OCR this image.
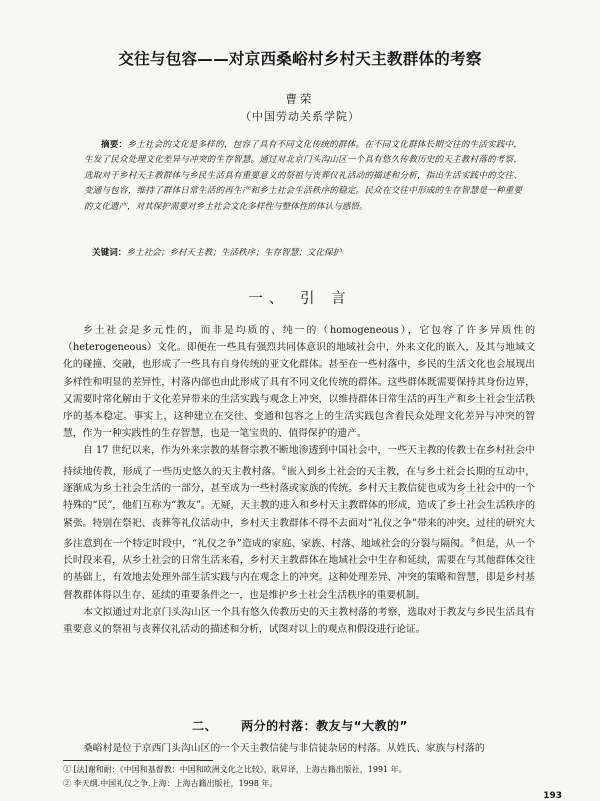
交往与包容——对京西桑峪村乡村天主教群体的考察
曹荣
（中国劳动关系学院）
摘要：乡土社会的文化是多样的，包容了具有不同文化传统的群体。在不同文化群体长期交往的生活实践中，生发了民众处理文化差异与冲突的生存智慧。通过对北京门头沟山区一个具有悠久传教历史的天主教村落的考察，选取对于乡村天主教群体与乡民生活具有重要意义的祭祖与丧葬仪礼活动的描述和分析，指出生活实践中的交往、变通与包容，维持了群体日常生活的再生产和乡土社会生活秩序的稳定。民众在交往中形成的生存智慧是一种重要的文化遗产，对其保护需要对乡土社会文化多样性与整体性的体认与感悟。
关键词：乡土社会；乡村天主教；生活秩序；生存智慧；文化保护
一、 引 言

乡土社会是多元性的，而非是均质的、纯一的（homogeneous），它包容了许多异质性的（heterogeneous）文化。即便在一些具有强烈共同体意识的地域社会中，外来文化的嵌入，及其与地域文化的碰撞、交融，也形成了一些具有自身传统的亚文化群体。甚至在一些村落中，乡民的生活文化也会展现出多样性和明显的差异性，村落内部也由此形成了具有不同文化传统的群体。这些群体既需要保持其身份边界，又需要时常化解由于文化差异带来的生活实践与观念上冲突，以维持群体日常生活的再生产和乡土社会生活秩序的基本稳定。事实上，这种建立在交往、变通和包容之上的生活实践包含着民众处理文化差异与冲突的智慧，作为一种实践性的生存智慧，也是一笔宝贵的、值得保护的遗产。

自 17 世纪以来，作为外来宗教的基督宗教不断地渗透到中国社会中，一些天主教的传教士在乡村社会中持续地传教，形成了一些历史悠久的天主教村落。①嵌入到乡土社会的天主教，在与乡土社会长期的互动中，逐渐成为乡土社会生活的一部分，甚至成为一些村落或家族的传统。乡村天主教信徒也成为乡土社会中的一个特殊的“民”，他们互称为“教友”。无疑，天主教的进入和乡村天主教群体的形成，造成了乡土社会生活秩序的紧张。特别在祭祀、丧葬等礼仪活动中，乡村天主教群体不得不去面对“礼仪之争”带来的冲突。过往的研究大多注意到在一个特定时段中，“礼仪之争”造成的家庭、家族、村落、地域社会的分裂与隔阂。②但是，从一个长时段来看，从乡土社会的日常生活来看，乡村天主教群体在地域社会中生存和延续，需要在与其他群体交往的基础上，有效地去处理外部生活实践与内在观念上的冲突。这种处理差异、冲突的策略和智慧，即是乡村基督教群体得以生存、延续的重要条件之一，也是维护乡土社会生活秩序的重要机制。

本文拟通过对北京门头沟山区一个具有悠久传教历史的天主教村落的考察，选取对于教友与乡民生活具有重要意义的祭祖与丧葬仪礼活动的描述和分析，试图对以上的观点和假设进行论证。

二、 两分的村落：教友与“大教的”
桑峪村是位于京西门头沟山区的一个天主教信徒与非信徒杂居的村落。从姓氏、家族与村落的
① [法]谢和耐：《中国和基督教：中国和欧洲文化之比较》，耿昇译，上海古籍出版社，1991 年。
② 李天纲.中国礼仪之争.上海：上海古籍出版社，1998 年。
193
